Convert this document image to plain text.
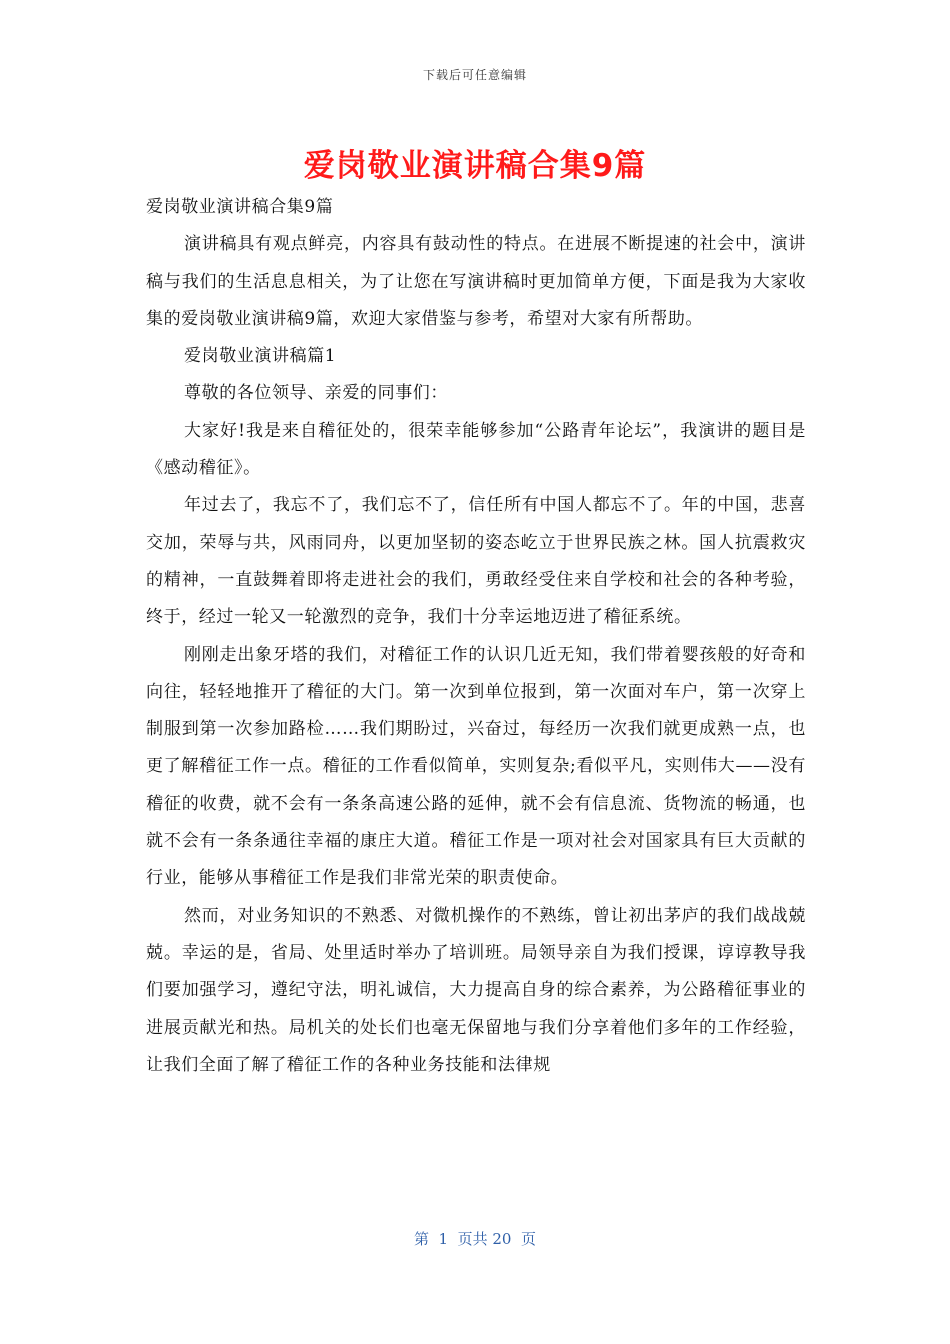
下载后可任意编辑
爱岗敬业演讲稿合集9篇

爱岗敬业演讲稿合集9篇

演讲稿具有观点鲜亮，内容具有鼓动性的特点。在进展不断提速的社会中，演讲稿与我们的生活息息相关，为了让您在写演讲稿时更加简单方便，下面是我为大家收集的爱岗敬业演讲稿9篇，欢迎大家借鉴与参考，希望对大家有所帮助。

爱岗敬业演讲稿篇1

尊敬的各位领导、亲爱的同事们：

大家好!我是来自稽征处的，很荣幸能够参加“公路青年论坛”，我演讲的题目是《感动稽征》。

年过去了，我忘不了，我们忘不了，信任所有中国人都忘不了。年的中国，悲喜交加，荣辱与共，风雨同舟，以更加坚韧的姿态屹立于世界民族之林。国人抗震救灾的精神，一直鼓舞着即将走进社会的我们，勇敢经受住来自学校和社会的各种考验，终于，经过一轮又一轮激烈的竞争，我们十分幸运地迈进了稽征系统。

刚刚走出象牙塔的我们，对稽征工作的认识几近无知，我们带着婴孩般的好奇和向往，轻轻地推开了稽征的大门。第一次到单位报到，第一次面对车户，第一次穿上制服到第一次参加路检……我们期盼过，兴奋过，每经历一次我们就更成熟一点，也更了解稽征工作一点。稽征的工作看似简单，实则复杂;看似平凡，实则伟大——没有稽征的收费，就不会有一条条高速公路的延伸，就不会有信息流、货物流的畅通，也就不会有一条条通往幸福的康庄大道。稽征工作是一项对社会对国家具有巨大贡献的行业，能够从事稽征工作是我们非常光荣的职责使命。

然而，对业务知识的不熟悉、对微机操作的不熟练，曾让初出茅庐的我们战战兢兢。幸运的是，省局、处里适时举办了培训班。局领导亲自为我们授课，谆谆教导我们要加强学习，遵纪守法，明礼诚信，大力提高自身的综合素养，为公路稽征事业的进展贡献光和热。局机关的处长们也毫无保留地与我们分享着他们多年的工作经验，让我们全面了解了稽征工作的各种业务技能和法律规

第  1  页共 20  页
